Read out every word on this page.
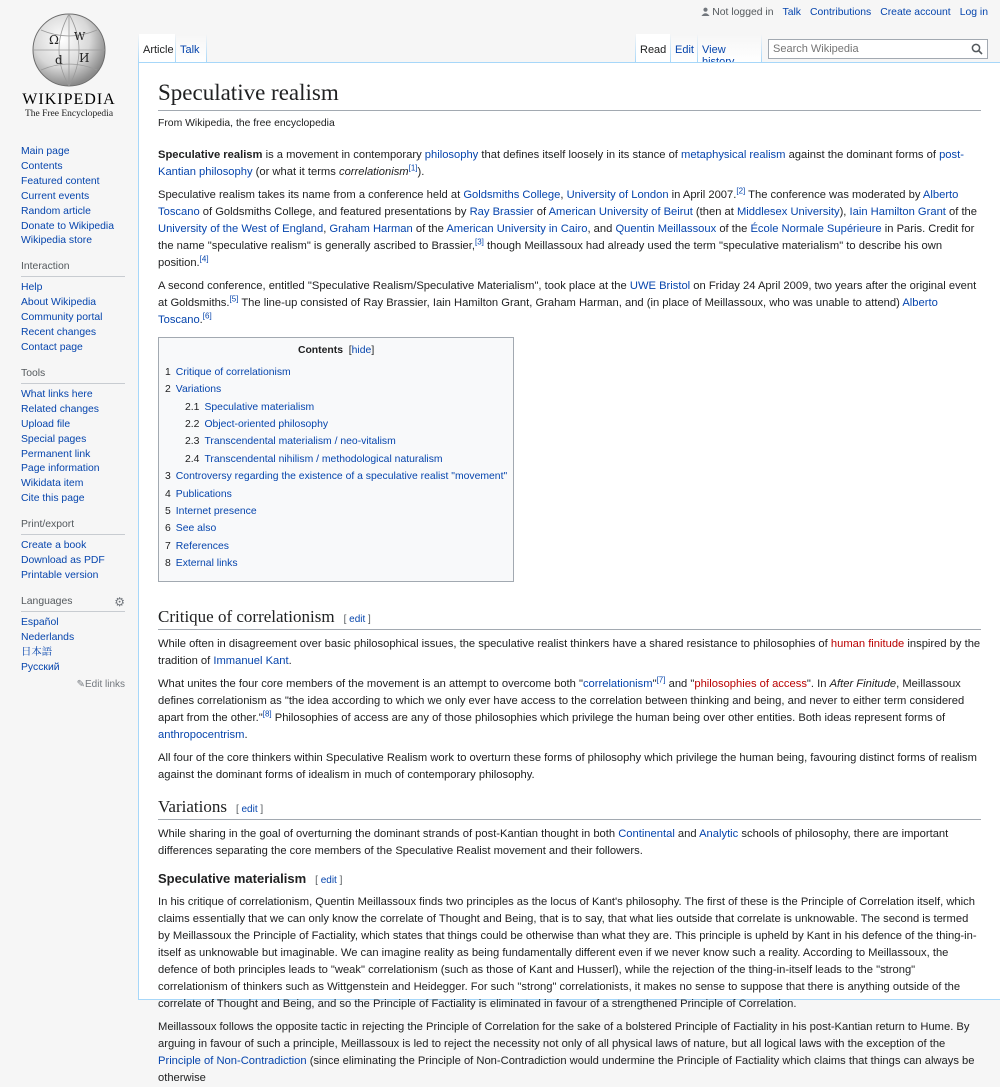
Ω W
d И
WIKIPEDIA
The Free Encyclopedia
Not logged in Talk Contributions Create account Log in
Article Talk	Read Edit View
Search Wikipedia
Main page
Contents
Featured content
Current events
Random article
Donate to Wikipedia
Wikipedia store
Interaction
Help
About Wikipedia
Community portal
Recent changes
Contact page
Tools
What links here
Related changes
Upload file
Special pages
Permanent link
Page information
Wikidata item
Cite this page
Print/export
Create a book
Download as PDF
Printable version
Languages	⚙
Español
Nederlands
日本語
Русский
✎Edit links
Speculative realism
From Wikipedia, the free encyclopedia

Speculative realism is a movement in contemporary philosophy that defines itself loosely in its stance of metaphysical realism against the dominant forms of post-Kantian philosophy (or what it terms correlationism[1]).

Speculative realism takes its name from a conference held at Goldsmiths College, University of London in April 2007.[2] The conference was moderated by Alberto Toscano of Goldsmiths College, and featured presentations by Ray Brassier of American University of Beirut (then at Middlesex University), Iain Hamilton Grant of the University of the West of England, Graham Harman of the American University in Cairo, and Quentin Meillassoux of the École Normale Supérieure in Paris. Credit for the name "speculative realism" is generally ascribed to Brassier,[3] though Meillassoux had already used the term "speculative materialism" to describe his own position.[4]

A second conference, entitled "Speculative Realism/Speculative Materialism", took place at the UWE Bristol on Friday 24 April 2009, two years after the original event at Goldsmiths.[5] The line-up consisted of Ray Brassier, Iain Hamilton Grant, Graham Harman, and (in place of Meillassoux, who was unable to attend) Alberto Toscano.[6]

Contents  [hide]
1 Critique of correlationism
2 Variations
2.1 Speculative materialism
2.2 Object-oriented philosophy
2.3 Transcendental materialism / neo-vitalism
2.4 Transcendental nihilism / methodological naturalism
3 Controversy regarding the existence of a speculative realist "movement"
4 Publications
5 Internet presence
6 See also
7 References
8 External links
Critique of correlationism [ edit ]

While often in disagreement over basic philosophical issues, the speculative realist thinkers have a shared resistance to philosophies of human finitude inspired by the tradition of Immanuel Kant.

What unites the four core members of the movement is an attempt to overcome both "correlationism"[7] and "philosophies of access". In After Finitude, Meillassoux defines correlationism as "the idea according to which we only ever have access to the correlation between thinking and being, and never to either term considered apart from the other."[8] Philosophies of access are any of those philosophies which privilege the human being over other entities. Both ideas represent forms of anthropocentrism.

All four of the core thinkers within Speculative Realism work to overturn these forms of philosophy which privilege the human being, favouring distinct forms of realism against the dominant forms of idealism in much of contemporary philosophy.

Variations [ edit ]

While sharing in the goal of overturning the dominant strands of post-Kantian thought in both Continental and Analytic schools of philosophy, there are important differences separating the core members of the Speculative Realist movement and their followers.

Speculative materialism [ edit ]

In his critique of correlationism, Quentin Meillassoux finds two principles as the locus of Kant's philosophy. The first of these is the Principle of Correlation itself, which claims essentially that we can only know the correlate of Thought and Being, that is to say, that what lies outside that correlate is unknowable. The second is termed by Meillassoux the Principle of Factiality, which states that things could be otherwise than what they are. This principle is upheld by Kant in his defence of the thing-in-itself as unknowable but imaginable. We can imagine reality as being fundamentally different even if we never know such a reality. According to Meillassoux, the defence of both principles leads to "weak" correlationism (such as those of Kant and Husserl), while the rejection of the thing-in-itself leads to the "strong" correlationism of thinkers such as Wittgenstein and Heidegger. For such "strong" correlationists, it makes no sense to suppose that there is anything outside of the correlate of Thought and Being, and so the Principle of Factiality is eliminated in favour of a strengthened Principle of Correlation.

Meillassoux follows the opposite tactic in rejecting the Principle of Correlation for the sake of a bolstered Principle of Factiality in his post-Kantian return to Hume. By arguing in favour of such a principle, Meillassoux is led to reject the necessity not only of all physical laws of nature, but all logical laws with the exception of the Principle of Non-Contradiction (since eliminating the Principle of Non-Contradiction would undermine the Principle of Factiality which claims that things can always be otherwise
